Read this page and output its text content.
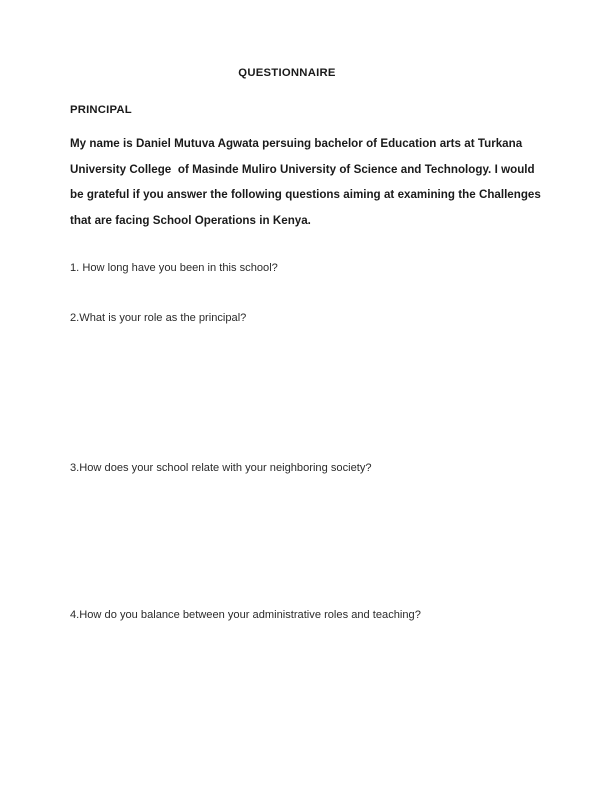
QUESTIONNAIRE
PRINCIPAL

My name is Daniel Mutuva Agwata persuing bachelor of Education arts at Turkana University College  of Masinde Muliro University of Science and Technology. I would be grateful if you answer the following questions aiming at examining the Challenges that are facing School Operations in Kenya.

1. How long have you been in this school?
2.What is your role as the principal?
3.How does your school relate with your neighboring society?
4.How do you balance between your administrative roles and teaching?
